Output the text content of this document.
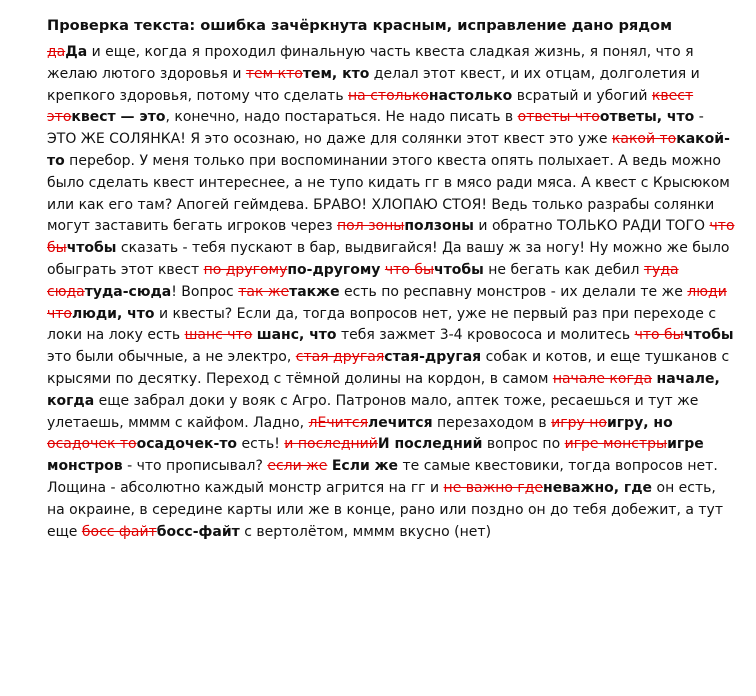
Проверка текста: ошибка зачёркнута красным, исправление дано рядом

даДа и еще, когда я проходил финальную часть квеста сладкая жизнь, я понял, что я желаю лютого здоровья и тем ктотем, кто делал этот квест, и их отцам, долголетия и крепкого здоровья, потому что сделать на стольконастолько всратый и убогий квест этоквест — это, конечно, надо постараться. Не надо писать в ответы чтоответы, что - ЭТО ЖЕ СОЛЯНКА! Я это осознаю, но даже для солянки этот квест это уже какой токакой-то перебор. У меня только при воспоминании этого квеста опять полыхает. А ведь можно было сделать квест интереснее, а не тупо кидать гг в мясо ради мяса. А квест с Крысюком или как его там? Апогей геймдева. БРАВО! ХЛОПАЮ СТОЯ! Ведь только разрабы солянки могут заставить бегать игроков через пол зоныползоны и обратно ТОЛЬКО РАДИ ТОГО что бычтобы сказать - тебя пускают в бар, выдвигайся! Да вашу ж за ногу! Ну можно же было обыграть этот квест по другомупо-другому что бычтобы не бегать как дебил туда сюдатуда-сюда! Вопрос так жетакже есть по респавну монстров - их делали те же люди чтолюди, что и квесты? Если да, тогда вопросов нет, уже не первый раз при переходе с локи на локу есть шанс что шанс, что тебя зажмет 3-4 кровососа и молитесь что бычтобы это были обычные, а не электро, стая другаястая-другая собак и котов, и еще тушканов с крысями по десятку. Переход с тёмной долины на кордон, в самом начале когда начале, когда еще забрал доки у вояк с Агро. Патронов мало, аптек тоже, ресаешься и тут же улетаешь, мммм с кайфом. Ладно, лЕчитсялечится перезаходом в игру ноигру, но осадочек тоосадочек-то есть! и последнийИ последний вопрос по игре монстрыигре монстров - что прописывал? если же Если же те самые квестовики, тогда вопросов нет. Лощина - абсолютно каждый монстр агрится на гг и не важно гденеважно, где он есть, на окраине, в середине карты или же в конце, рано или поздно он до тебя добежит, а тут еще босс файтбосс-файт с вертолётом, мммм вкусно (нет)
